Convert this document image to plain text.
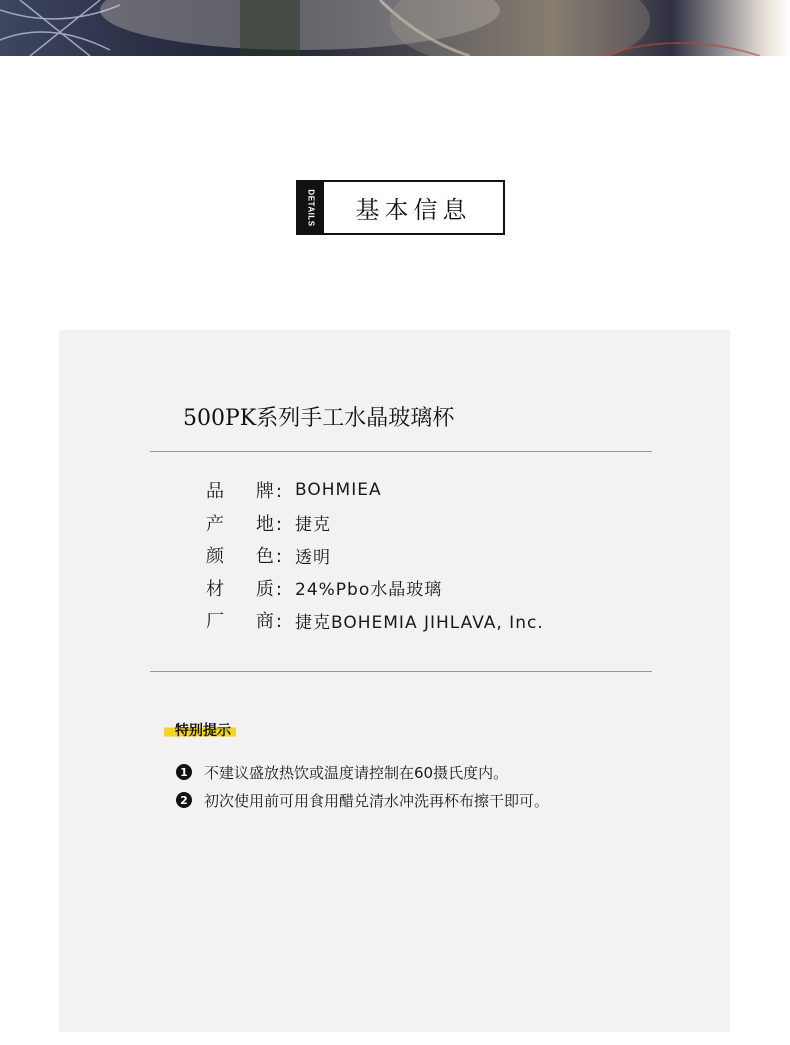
DETAILS	基本信息
500PK系列手工水晶玻璃杯
品 牌 : BOHMIEA
产 地 : 捷克
颜 色 : 透明
材 质 : 24%Pbo水晶玻璃
厂 商 : 捷克BOHEMIA JIHLAVA, Inc.
特别提示
1 不建议盛放热饮或温度请控制在60摄氏度内。
2 初次使用前可用食用醋兑清水冲洗再杯布擦干即可。
